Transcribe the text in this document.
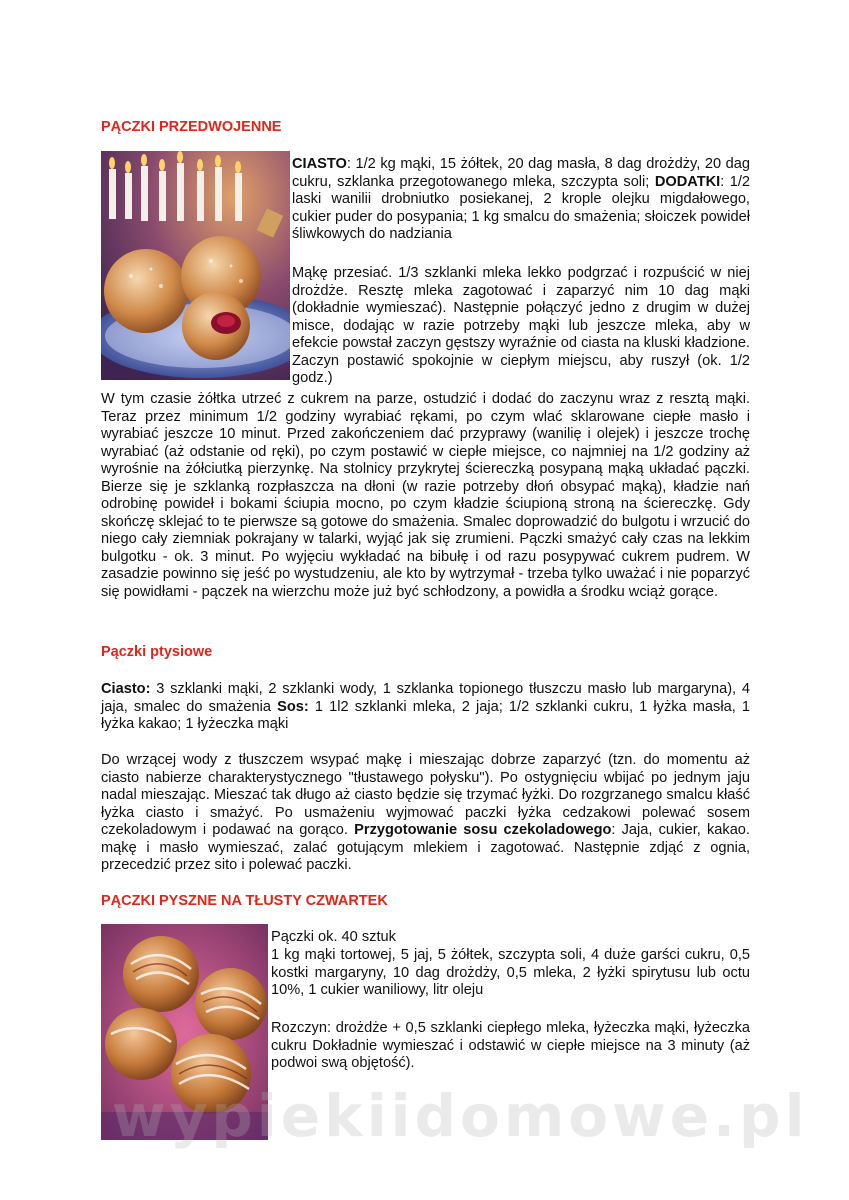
PĄCZKI PRZEDWOJENNE

CIASTO: 1/2 kg mąki, 15 żółtek, 20 dag masła, 8 dag drożdży, 20 dag cukru, szklanka przegotowanego mleka, szczypta soli; DODATKI: 1/2 laski wanilii drobniutko posiekanej, 2 krople olejku migdałowego, cukier puder do posypania; 1 kg smalcu do smażenia; słoiczek powideł śliwkowych do nadziania

Mąkę przesiać. 1/3 szklanki mleka lekko podgrzać i rozpuścić w niej drożdże. Resztę mleka zagotować i zaparzyć nim 10 dag mąki (dokładnie wymieszać). Następnie połączyć jedno z drugim w dużej misce, dodając w razie potrzeby mąki lub jeszcze mleka, aby w efekcie powstał zaczyn gęstszy wyraźnie od ciasta na kluski kładzione. Zaczyn postawić spokojnie w ciepłym miejscu, aby ruszył (ok. 1/2 godz.)

W tym czasie żółtka utrzeć z cukrem na parze, ostudzić i dodać do zaczynu wraz z resztą mąki. Teraz przez minimum 1/2 godziny wyrabiać rękami, po czym wlać sklarowane ciepłe masło i wyrabiać jeszcze 10 minut. Przed zakończeniem dać przyprawy (wanilię i olejek) i jeszcze trochę wyrabiać (aż odstanie od ręki), po czym postawić w ciepłe miejsce, co najmniej na 1/2 godziny aż wyrośnie na żółciutką pierzynkę. Na stolnicy przykrytej ściereczką posypaną mąką układać pączki. Bierze się je szklanką rozpłaszcza na dłoni (w razie potrzeby dłoń obsypać mąką), kładzie nań odrobinę powideł i bokami ściupia mocno, po czym kładzie ściupioną stroną na ściereczkę. Gdy skończę sklejać to te pierwsze są gotowe do smażenia. Smalec doprowadzić do bulgotu i wrzucić do niego cały ziemniak pokrajany w talarki, wyjąć jak się zrumieni. Pączki smażyć cały czas na lekkim bulgotku - ok. 3 minut. Po wyjęciu wykładać na bibułę i od razu posypywać cukrem pudrem. W zasadzie powinno się jeść po wystudzeniu, ale kto by wytrzymał - trzeba tylko uważać i nie poparzyć się powidłami - pączek na wierzchu może już być schłodzony, a powidła a środku wciąż gorące.

Pączki ptysiowe

Ciasto: 3 szklanki mąki, 2 szklanki wody, 1 szklanka topionego tłuszczu masło lub margaryna), 4 jaja, smalec do smażenia Sos: 1 1l2 szklanki mleka, 2 jaja; 1/2 szklanki cukru, 1 łyżka masła, 1 łyżka kakao; 1 łyżeczka mąki

Do wrzącej wody z tłuszczem wsypać mąkę i mieszając dobrze zaparzyć (tzn. do momentu aż ciasto nabierze charakterystycznego "tłustawego połysku"). Po ostygnięciu wbijać po jednym jaju nadal mieszając. Mieszać tak długo aż ciasto będzie się trzymać łyżki. Do rozgrzanego smalcu kłaść łyżka ciasto i smażyć. Po usmażeniu wyjmować paczki łyżka cedzakowi polewać sosem czekoladowym i podawać na gorąco. Przygotowanie sosu czekoladowego: Jaja, cukier, kakao. mąkę i masło wymieszać, zalać gotującym mlekiem i zagotować. Następnie zdjąć z ognia, przecedzić przez sito i polewać paczki.

PĄCZKI PYSZNE NA TŁUSTY CZWARTEK

Pączki ok. 40 sztuk

1 kg mąki tortowej, 5 jaj, 5 żółtek, szczypta soli, 4 duże garści cukru, 0,5 kostki margaryny, 10 dag drożdży, 0,5 mleka, 2 łyżki spirytusu lub octu 10%, 1 cukier waniliowy, litr oleju

Rozczyn: drożdże + 0,5 szklanki ciepłego mleka, łyżeczka mąki, łyżeczka cukru Dokładnie wymieszać i odstawić w ciepłe miejsce na 3 minuty (aż podwoi swą objętość).

wypiekiidomowe.pl
